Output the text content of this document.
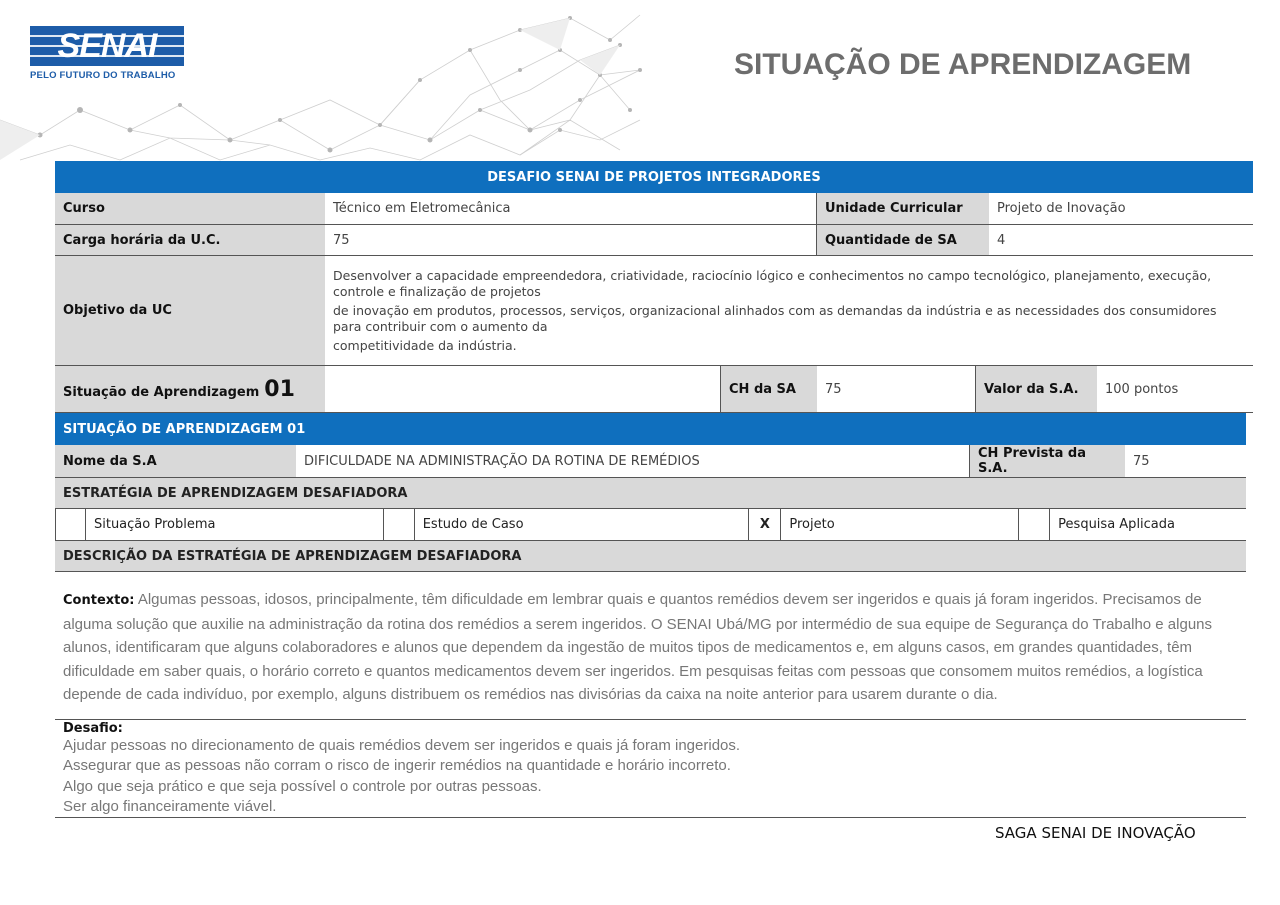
SENAI
PELO FUTURO DO TRABALHO	SITUAÇÃO DE APRENDIZAGEM
DESAFIO SENAI DE PROJETOS INTEGRADORES
Curso	Técnico em Eletromecânica	Unidade Curricular	Projeto de Inovação
Carga horária da U.C.	75	Quantidade de SA	4
Objetivo da UC
Desenvolver a capacidade empreendedora, criatividade, raciocínio lógico e conhecimentos no campo tecnológico, planejamento, execução, controle e finalização de projetos
de inovação em produtos, processos, serviços, organizacional alinhados com as demandas da indústria e as necessidades dos consumidores para contribuir com o aumento da
competitividade da indústria.
Situação de Aprendizagem 01	CH da SA	75	Valor da S.A.	100 pontos
SITUAÇÃO DE APRENDIZAGEM 01
Nome da S.A	DIFICULDADE NA ADMINISTRAÇÃO DA ROTINA DE REMÉDIOS	CH Prevista da S.A.	75
ESTRATÉGIA DE APRENDIZAGEM DESAFIADORA
Situação Problema	Estudo de Caso	X	Projeto	Pesquisa Aplicada
DESCRIÇÃO DA ESTRATÉGIA DE APRENDIZAGEM DESAFIADORA
Contexto: Algumas pessoas, idosos, principalmente, têm dificuldade em lembrar quais e quantos remédios devem ser ingeridos e quais já foram ingeridos. Precisamos de alguma solução que auxilie na administração da rotina dos remédios a serem ingeridos. O SENAI Ubá/MG por intermédio de sua equipe de Segurança do Trabalho e alguns alunos, identificaram que alguns colaboradores e alunos que dependem da ingestão de muitos tipos de medicamentos e, em alguns casos, em grandes quantidades, têm dificuldade em saber quais, o horário correto e quantos medicamentos devem ser ingeridos. Em pesquisas feitas com pessoas que consomem muitos remédios, a logística depende de cada indivíduo, por exemplo, alguns distribuem os remédios nas divisórias da caixa na noite anterior para usarem durante o dia.
Desafio:
Ajudar pessoas no direcionamento de quais remédios devem ser ingeridos e quais já foram ingeridos.
Assegurar que as pessoas não corram o risco de ingerir remédios na quantidade e horário incorreto.
Algo que seja prático e que seja possível o controle por outras pessoas.
Ser algo financeiramente viável.
SAGA SENAI DE INOVAÇÃO
